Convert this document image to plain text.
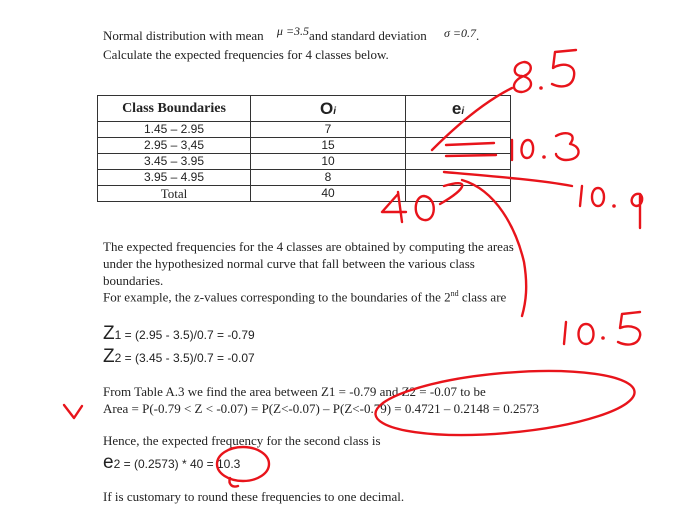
Normal distribution with mean μ =3.5and standard deviation σ =0.7.
Calculate the expected frequencies for 4 classes below.
Class Boundaries	Oi	ei
1.45 – 2.95	7	
2.95 – 3,45	15	
3.45 – 3.95	10	
3.95 – 4.95	8	
Total	40	
The expected frequencies for the 4 classes are obtained by computing the areas
under the hypothesized normal curve that fall between the various class
boundaries.
For example, the z-values corresponding to the boundaries of the 2nd class are
Z1 = (2.95 - 3.5)/0.7 = -0.79
Z2 = (3.45 - 3.5)/0.7 = -0.07
From Table A.3 we find the area between Z1 = -0.79 and Z2 = -0.07 to be
Area = P(-0.79 < Z < -0.07) = P(Z<-0.07) – P(Z<-0.79) = 0.4721 – 0.2148 = 0.2573
Hence, the expected frequency for the second class is
e2 = (0.2573) * 40 = 10.3
If is customary to round these frequencies to one decimal.
8.5
